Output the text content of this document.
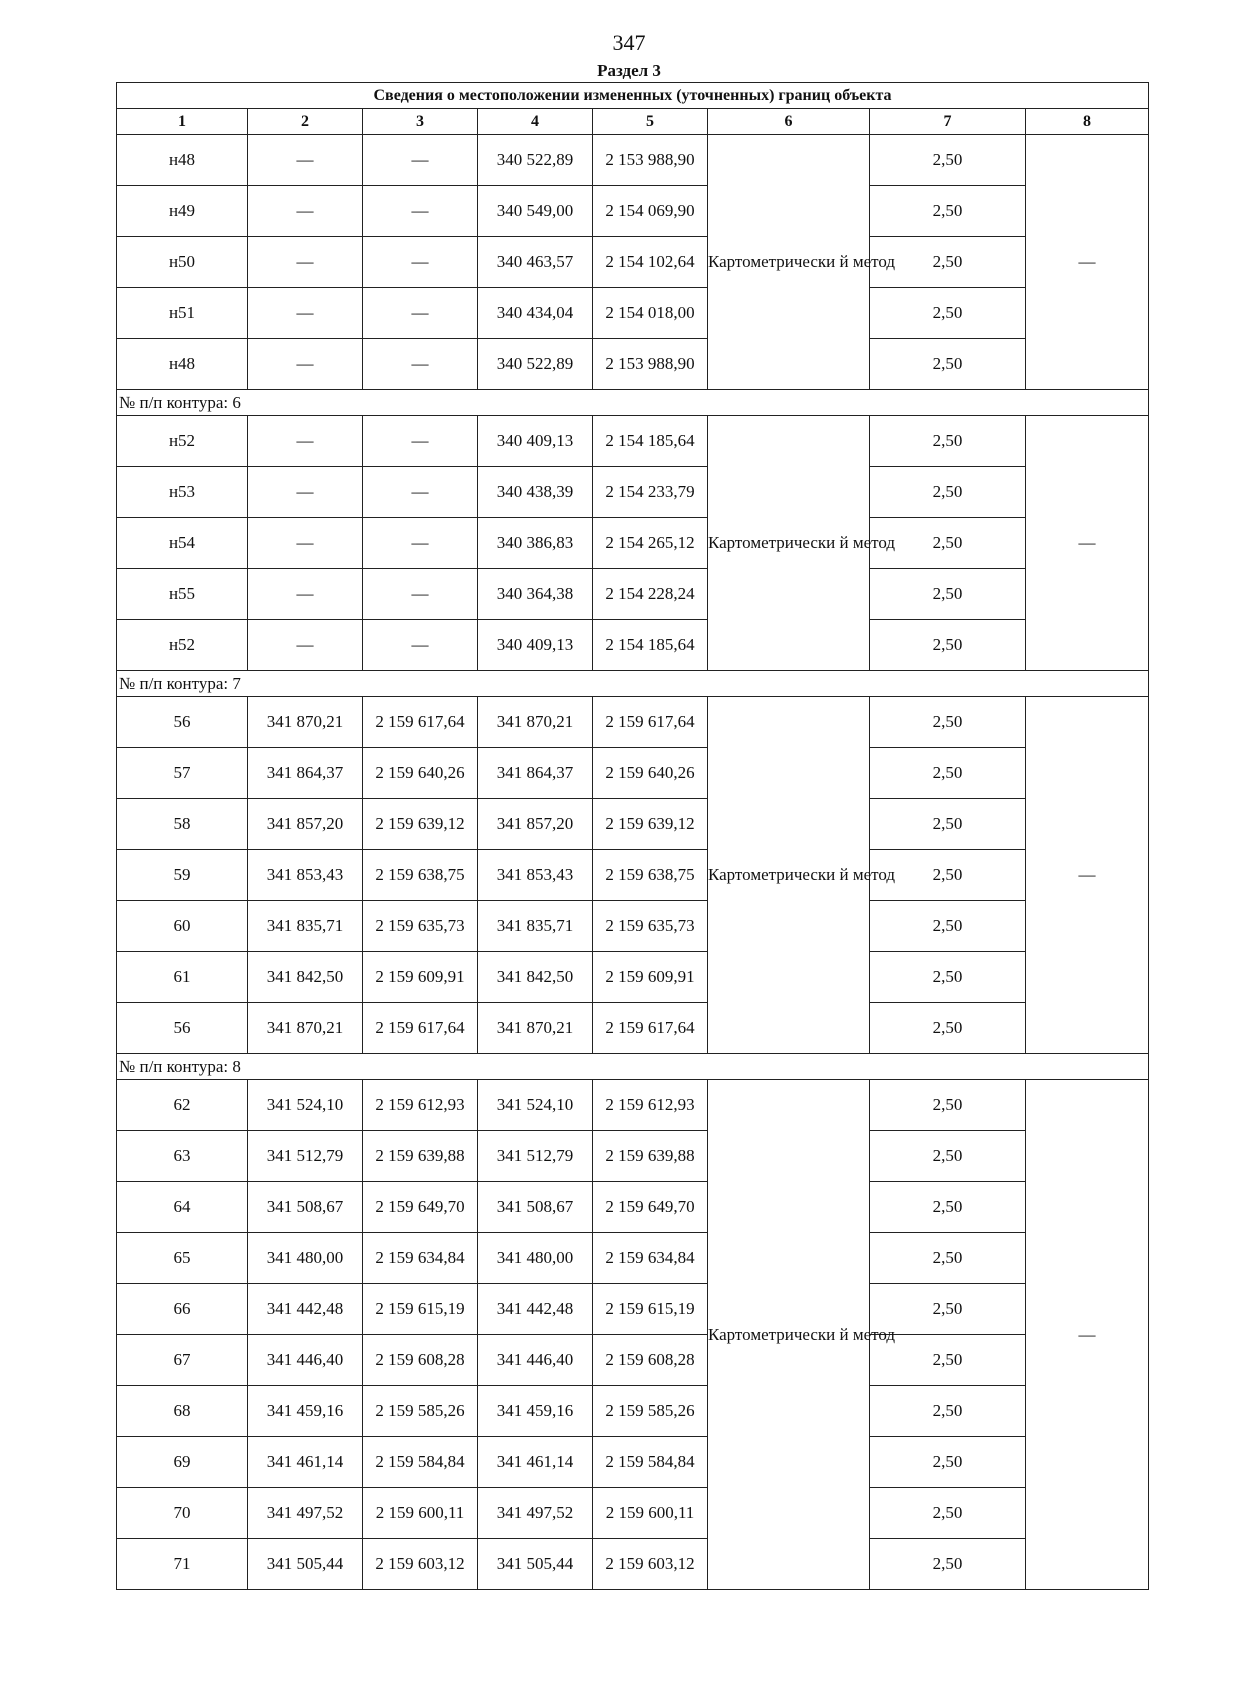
347
Раздел 3
Сведения о местоположении измененных (уточненных) границ объекта							
1	2	3	4	5	6	7	8
н48	—	—	340 522,89	2 153 988,90	Картометрически й метод	2,50	—
н49	—	—	340 549,00	2 154 069,90		2,50	
н50	—	—	340 463,57	2 154 102,64		2,50	
н51	—	—	340 434,04	2 154 018,00		2,50	
н48	—	—	340 522,89	2 153 988,90		2,50	
№ п/п контура: 6							
н52	—	—	340 409,13	2 154 185,64	Картометрически й метод	2,50	—
н53	—	—	340 438,39	2 154 233,79		2,50	
н54	—	—	340 386,83	2 154 265,12		2,50	
н55	—	—	340 364,38	2 154 228,24		2,50	
н52	—	—	340 409,13	2 154 185,64		2,50	
№ п/п контура: 7							
56	341 870,21	2 159 617,64	341 870,21	2 159 617,64	Картометрически й метод	2,50	—
57	341 864,37	2 159 640,26	341 864,37	2 159 640,26		2,50	
58	341 857,20	2 159 639,12	341 857,20	2 159 639,12		2,50	
59	341 853,43	2 159 638,75	341 853,43	2 159 638,75		2,50	
60	341 835,71	2 159 635,73	341 835,71	2 159 635,73		2,50	
61	341 842,50	2 159 609,91	341 842,50	2 159 609,91		2,50	
56	341 870,21	2 159 617,64	341 870,21	2 159 617,64		2,50	
№ п/п контура: 8							
62	341 524,10	2 159 612,93	341 524,10	2 159 612,93	Картометрически й метод	2,50	—
63	341 512,79	2 159 639,88	341 512,79	2 159 639,88		2,50	
64	341 508,67	2 159 649,70	341 508,67	2 159 649,70		2,50	
65	341 480,00	2 159 634,84	341 480,00	2 159 634,84		2,50	
66	341 442,48	2 159 615,19	341 442,48	2 159 615,19		2,50	
67	341 446,40	2 159 608,28	341 446,40	2 159 608,28		2,50	
68	341 459,16	2 159 585,26	341 459,16	2 159 585,26		2,50	
69	341 461,14	2 159 584,84	341 461,14	2 159 584,84		2,50	
70	341 497,52	2 159 600,11	341 497,52	2 159 600,11		2,50	
71	341 505,44	2 159 603,12	341 505,44	2 159 603,12		2,50	
